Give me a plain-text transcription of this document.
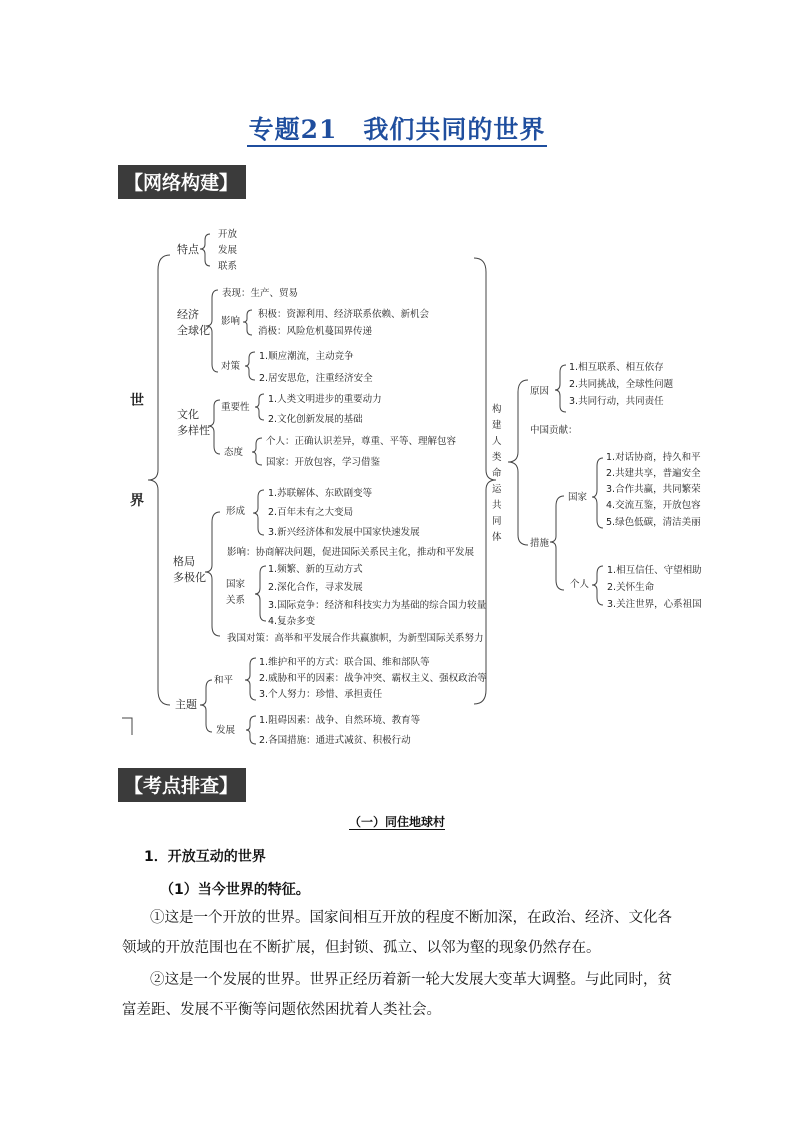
专题21　我们共同的世界
【网络构建】
世
界
特点
开放
发展
联系
经济
全球化
表现：生产、贸易
影响
积极：资源利用、经济联系依赖、新机会
消极：风险危机蔓国界传递
对策
1.顺应潮流，主动竞争
2.居安思危，注重经济安全
文化
多样性
重要性
1.人类文明进步的重要动力
2.文化创新发展的基础
态度
个人：正确认识差异，尊重、平等、理解包容
国家：开放包容，学习借鉴
格局
多极化
形成
1.苏联解体、东欧剧变等
2.百年未有之大变局
3.新兴经济体和发展中国家快速发展
影响：协商解决问题，促进国际关系民主化，推动和平发展
国家
关系
1.频繁、新的互动方式
2.深化合作，寻求发展
3.国际竞争：经济和科技实力为基础的综合国力较量
4.复杂多变
我国对策：高举和平发展合作共赢旗帜，为新型国际关系努力
主题
和平
1.维护和平的方式：联合国、维和部队等
2.威胁和平的因素：战争冲突、霸权主义、强权政治等
3.个人努力：珍惜、承担责任
发展
1.阻碍因素：战争、自然环境、教育等
2.各国措施：通进式减贫、积极行动
构
建
人
类
命
运
共
同
体
原因
1.相互联系、相互依存
2.共同挑战，全球性问题
3.共同行动，共同责任
中国贡献：
措施
国家
1.对话协商，持久和平
2.共建共享，普遍安全
3.合作共赢，共同繁荣
4.交流互鉴，开放包容
5.绿色低碳，清洁美丽
个人
1.相互信任、守望相助
2.关怀生命
3.关注世界，心系祖国
【考点排查】
（一）同住地球村
1．开放互动的世界
（1）当今世界的特征。
①这是一个开放的世界。国家间相互开放的程度不断加深，在政治、经济、文化各领域的开放范围也在不断扩展，但封锁、孤立、以邻为壑的现象仍然存在。
②这是一个发展的世界。世界正经历着新一轮大发展大变革大调整。与此同时，贫富差距、发展不平衡等问题依然困扰着人类社会。
